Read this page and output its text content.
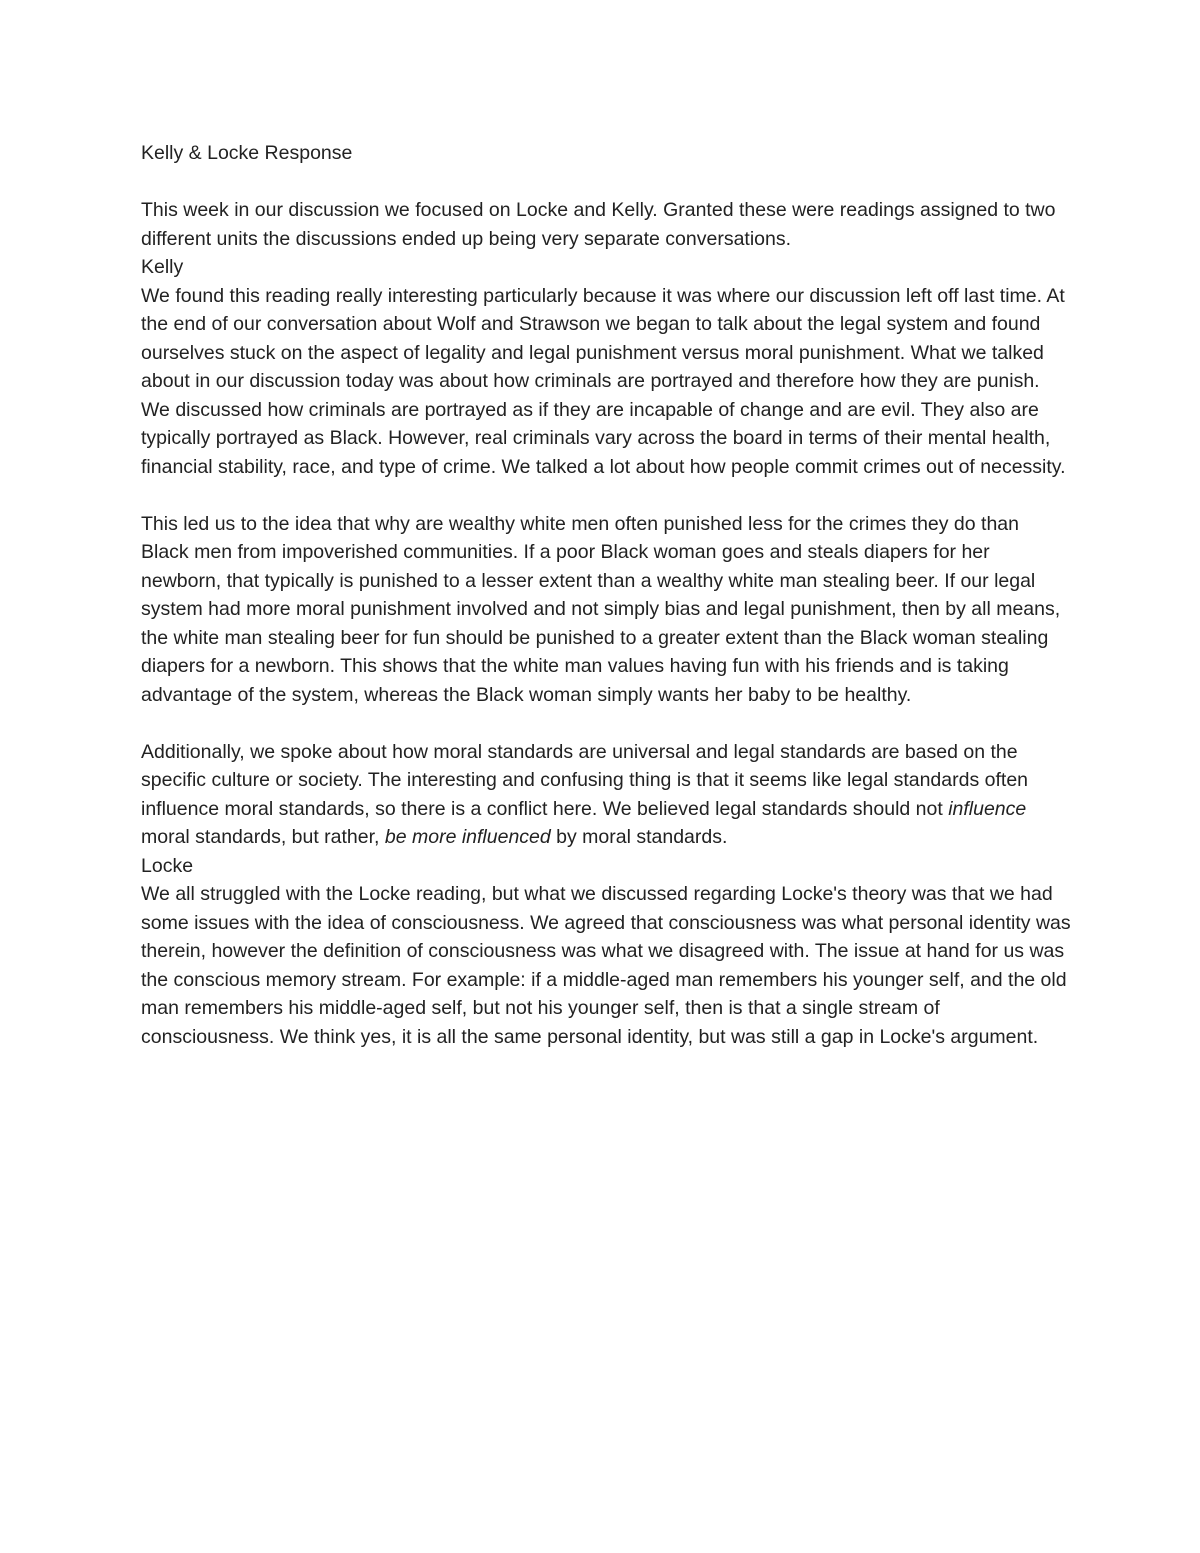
Kelly & Locke Response

This week in our discussion we focused on Locke and Kelly. Granted these were readings assigned to two different units the discussions ended up being very separate conversations.

Kelly

We found this reading really interesting particularly because it was where our discussion left off last time. At the end of our conversation about Wolf and Strawson we began to talk about the legal system and found ourselves stuck on the aspect of legality and legal punishment versus moral punishment. What we talked about in our discussion today was about how criminals are portrayed and therefore how they are punish. We discussed how criminals are portrayed as if they are incapable of change and are evil. They also are typically portrayed as Black. However, real criminals vary across the board in terms of their mental health, financial stability, race, and type of crime. We talked a lot about how people commit crimes out of necessity.

This led us to the idea that why are wealthy white men often punished less for the crimes they do than Black men from impoverished communities. If a poor Black woman goes and steals diapers for her newborn, that typically is punished to a lesser extent than a wealthy white man stealing beer. If our legal system had more moral punishment involved and not simply bias and legal punishment, then by all means, the white man stealing beer for fun should be punished to a greater extent than the Black woman stealing diapers for a newborn. This shows that the white man values having fun with his friends and is taking advantage of the system, whereas the Black woman simply wants her baby to be healthy.

Additionally, we spoke about how moral standards are universal and legal standards are based on the specific culture or society. The interesting and confusing thing is that it seems like legal standards often influence moral standards, so there is a conflict here. We believed legal standards should not influence moral standards, but rather, be more influenced by moral standards.

Locke

We all struggled with the Locke reading, but what we discussed regarding Locke's theory was that we had some issues with the idea of consciousness. We agreed that consciousness was what personal identity was therein, however the definition of consciousness was what we disagreed with. The issue at hand for us was the conscious memory stream. For example: if a middle-aged man remembers his younger self, and the old man remembers his middle-aged self, but not his younger self, then is that a single stream of consciousness. We think yes, it is all the same personal identity, but was still a gap in Locke's argument.
